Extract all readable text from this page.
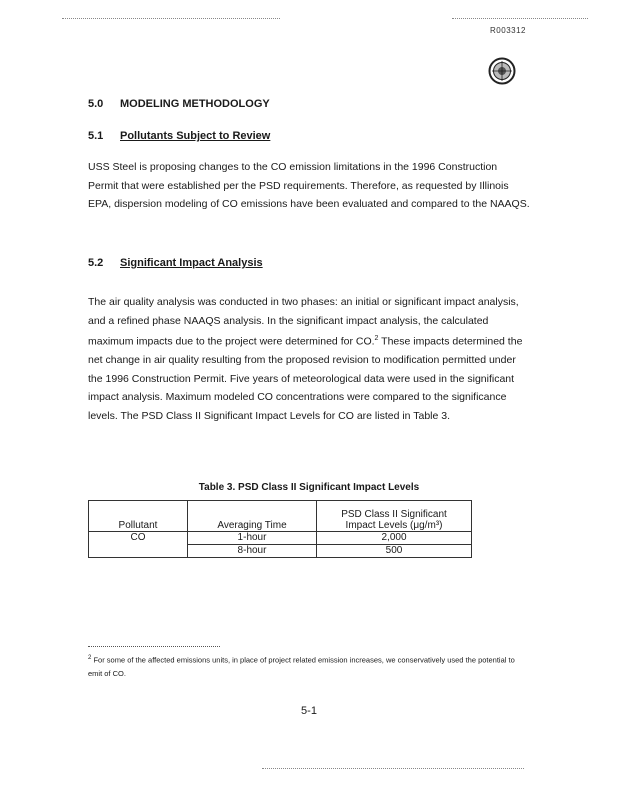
R003312
5.0 MODELING METHODOLOGY
5.1 Pollutants Subject to Review

USS Steel is proposing changes to the CO emission limitations in the 1996 Construction Permit that were established per the PSD requirements. Therefore, as requested by Illinois EPA, dispersion modeling of CO emissions have been evaluated and compared to the NAAQS.

5.2 Significant Impact Analysis

The air quality analysis was conducted in two phases: an initial or significant impact analysis, and a refined phase NAAQS analysis. In the significant impact analysis, the calculated maximum impacts due to the project were determined for CO.$^2$ These impacts determined the net change in air quality resulting from the proposed revision to modification permitted under the 1996 Construction Permit. Five years of meteorological data were used in the significant impact analysis. Maximum modeled CO concentrations were compared to the significance levels. The PSD Class II Significant Impact Levels for CO are listed in Table 3.

Table 3. PSD Class II Significant Impact Levels
Pollutant	Averaging Time	PSD Class II Significant
Impact Levels (μg/m³)
CO	1-hour	2,000
	8-hour	500

$^2$ For some of the affected emissions units, in place of project related emission increases, we conservatively used the potential to emit of CO.

5-1
